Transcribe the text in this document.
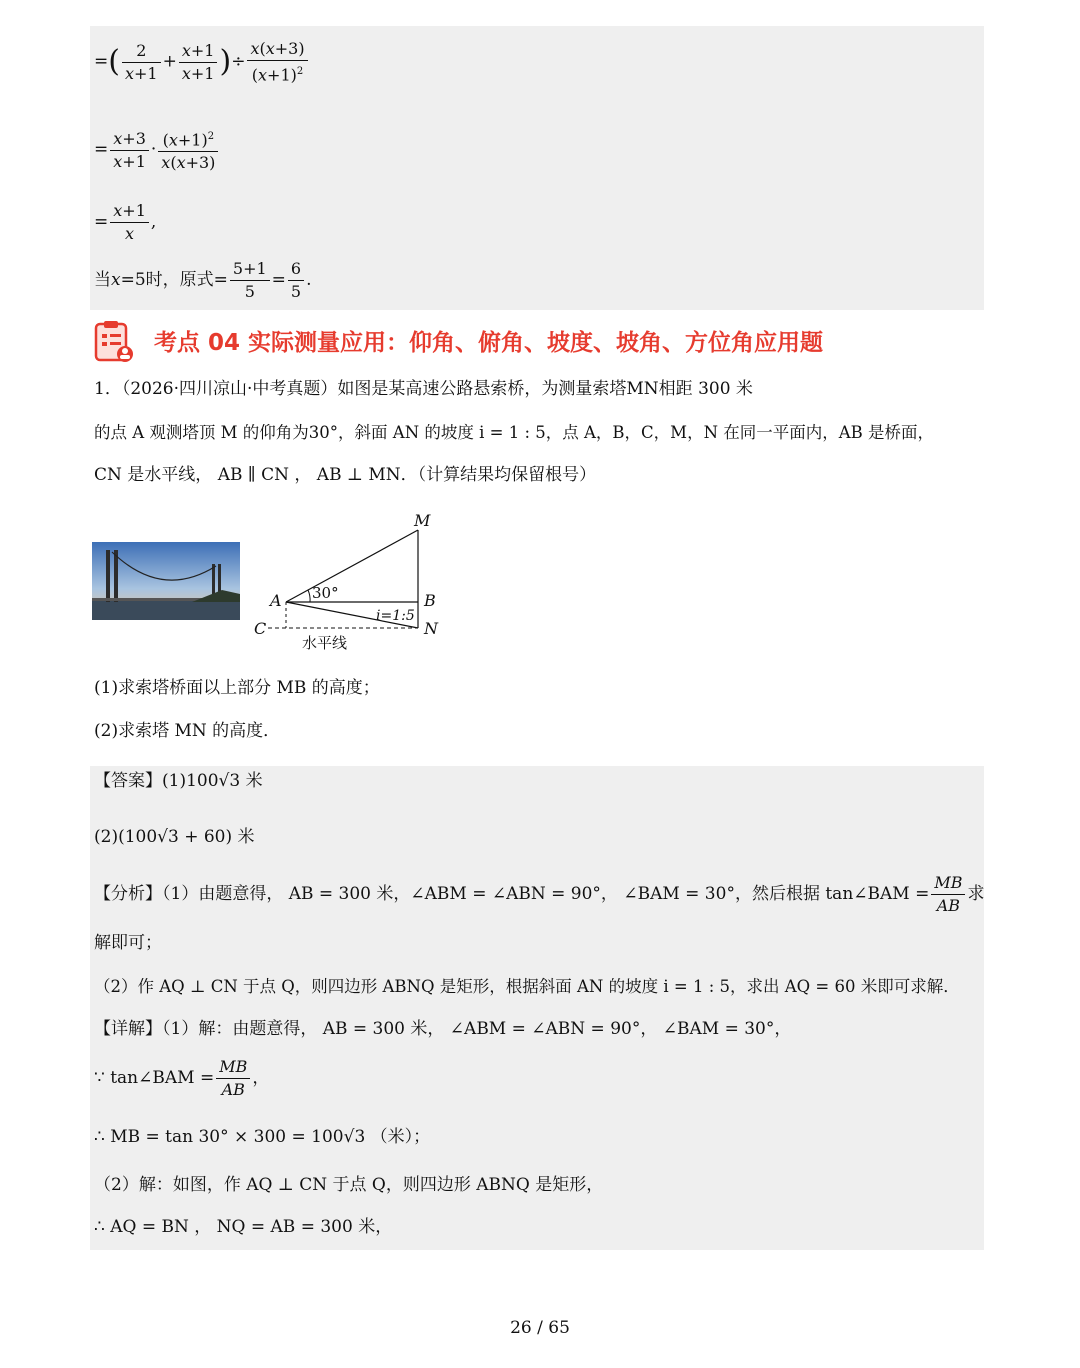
=( $\frac{2}{x+1} + \frac{x+1}{x+1}$ )÷ $\frac{x(x+3)}{(x+1)^2}$
= $\frac{x+3}{x+1} \cdot \frac{(x+1)^2}{x(x+3)}$
= $\frac{x+1}{x}$ ,
当x=5时，原式= $\frac{5+1}{5} = \frac{6}{5}$ .
考点 04 实际测量应用：仰角、俯角、坡度、坡角、方位角应用题
1．（2026·四川凉山·中考真题）如图是某高速公路悬索桥，为测量索塔MN相距 300 米
的点 A 观测塔顶 M 的仰角为30°，斜面 AN 的坡度 i = 1 : 5，点 A，B，C，M，N 在同一平面内，AB 是桥面，
CN 是水平线， AB ∥ CN ， AB ⊥ MN．（计算结果均保留根号）
M
A	B
C	N
30°
i=1:5
水平线
(1)求索塔桥面以上部分 MB 的高度；
(2)求索塔 MN 的高度．
【答案】(1)100√3 米
(2)(100√3 + 60) 米
【分析】（1）由题意得， AB = 300 米，∠ABM = ∠ABN = 90°， ∠BAM = 30°，然后根据 tan∠BAM = $\frac{MB}{AB}$ 求
解即可；
（2）作 AQ ⊥ CN 于点 Q，则四边形 ABNQ 是矩形，根据斜面 AN 的坡度 i = 1 : 5，求出 AQ = 60 米即可求解．
【详解】（1）解：由题意得， AB = 300 米， ∠ABM = ∠ABN = 90°， ∠BAM = 30°，
∵ tan∠BAM = $\frac{MB}{AB}$ ，
∴ MB = tan 30° × 300 = 100√3 （米）；
（2）解：如图，作 AQ ⊥ CN 于点 Q，则四边形 ABNQ 是矩形，
∴ AQ = BN ， NQ = AB = 300 米，
26 / 65
